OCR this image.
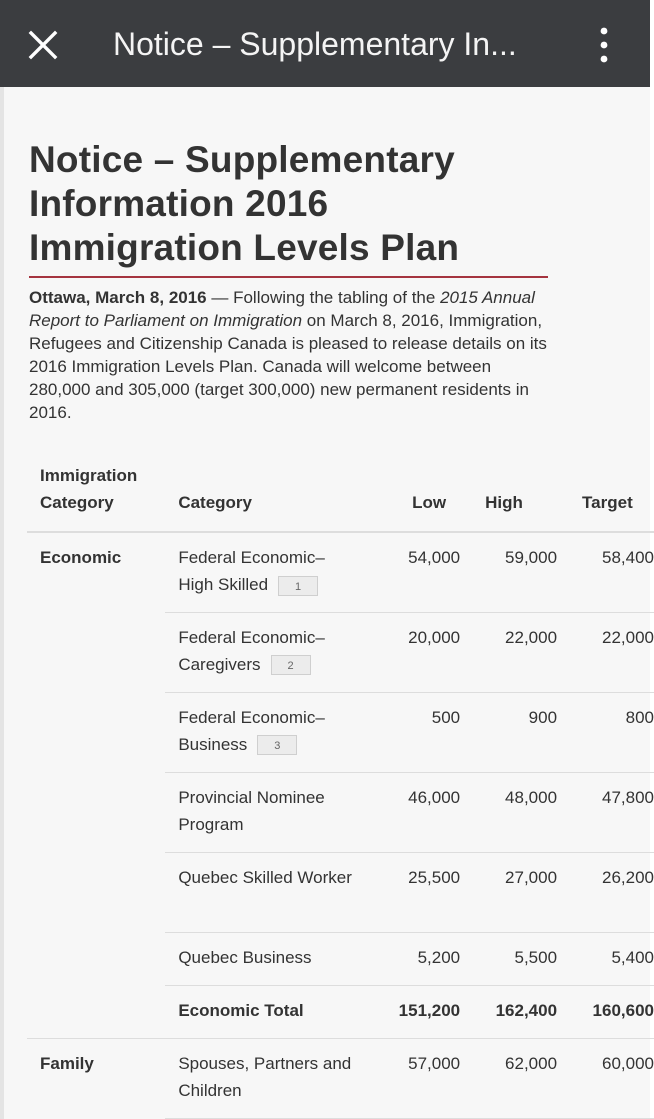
Notice – Supplementary In...
Notice – Supplementary Information 2016 Immigration Levels Plan

Ottawa, March 8, 2016 — Following the tabling of the 2015 Annual Report to Parliament on Immigration on March 8, 2016, Immigration, Refugees and Citizenship Canada is pleased to release details on its 2016 Immigration Levels Plan. Canada will welcome between 280,000 and 305,000 (target 300,000) new permanent residents in 2016.

Immigration Category	Category	Low	High	Target
Economic	Federal Economic–High Skilled 1	54,000	59,000	58,400
	Federal Economic–Caregivers 2	20,000	22,000	22,000
	Federal Economic–Business 3	500	900	800
	Provincial Nominee Program	46,000	48,000	47,800
	Quebec Skilled Worker	25,500	27,000	26,200
	Quebec Business	5,200	5,500	5,400
	Economic Total	151,200	162,400	160,600
Family	Spouses, Partners and Children	57,000	62,000	60,000
